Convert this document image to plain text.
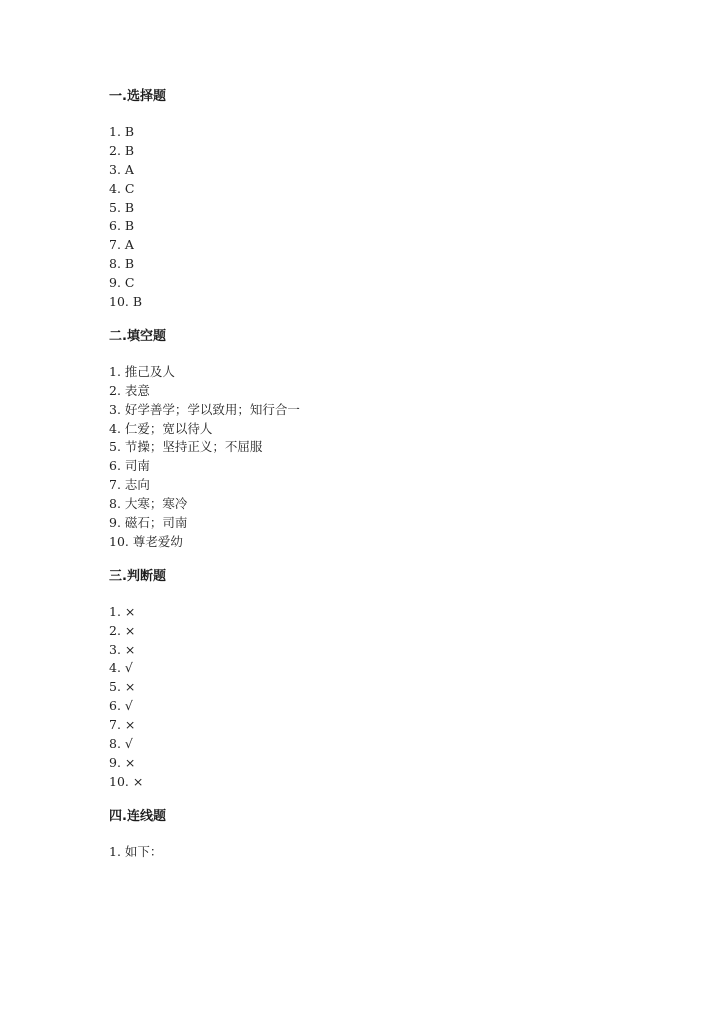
一.选择题
1. B
2. B
3. A
4. C
5. B
6. B
7. A
8. B
9. C
10. B
二.填空题
1. 推己及人
2. 表意
3. 好学善学；学以致用；知行合一
4. 仁爱；宽以待人
5. 节操；坚持正义；不屈服
6. 司南
7. 志向
8. 大寒；寒冷
9. 磁石；司南
10. 尊老爱幼
三.判断题
1. ×
2. ×
3. ×
4. √
5. ×
6. √
7. ×
8. √
9. ×
10. ×
四.连线题
1. 如下：
